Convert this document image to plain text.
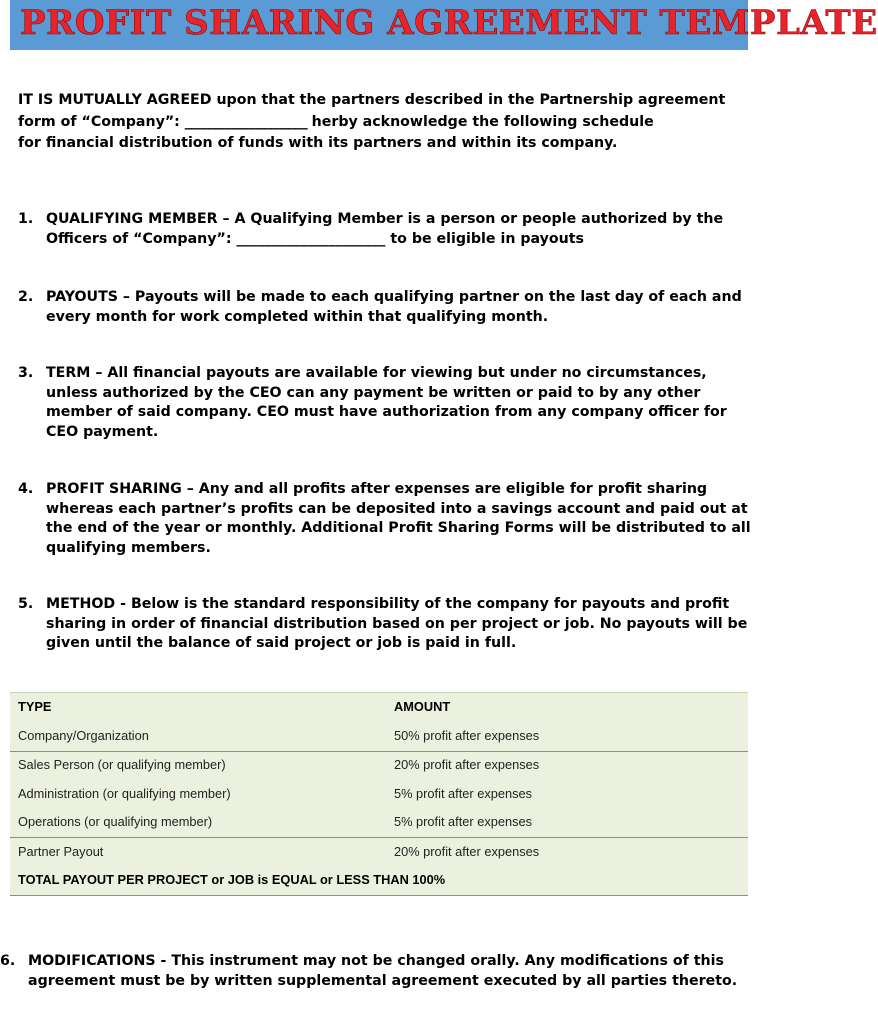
PROFIT SHARING AGREEMENT TEMPLATE
IT IS MUTUALLY AGREED upon that the partners described in the Partnership agreement
form of “Company”: ____________________ herby acknowledge the following schedule
for financial distribution of funds with its partners and within its company.
1. QUALIFYING MEMBER – A Qualifying Member is a person or people authorized by the
Officers of “Company”: _____________________ to be eligible in payouts
2. PAYOUTS – Payouts will be made to each qualifying partner on the last day of each and
every month for work completed within that qualifying month.
3. TERM – All financial payouts are available for viewing but under no circumstances,
unless authorized by the CEO can any payment be written or paid to by any other
member of said company. CEO must have authorization from any company officer for
CEO payment.
4. PROFIT SHARING – Any and all profits after expenses are eligible for profit sharing
whereas each partner’s profits can be deposited into a savings account and paid out at
the end of the year or monthly. Additional Profit Sharing Forms will be distributed to all
qualifying members.
5. METHOD - Below is the standard responsibility of the company for payouts and profit
sharing in order of financial distribution based on per project or job. No payouts will be
given until the balance of said project or job is paid in full.
TYPE	AMOUNT
Company/Organization	50% profit after expenses
Sales Person (or qualifying member)	20% profit after expenses
Administration (or qualifying member)	5% profit after expenses
Operations (or qualifying member)	5% profit after expenses
Partner Payout	20% profit after expenses
TOTAL PAYOUT PER PROJECT or JOB is EQUAL or LESS THAN 100%
6. MODIFICATIONS - This instrument may not be changed orally. Any modifications of this
agreement must be by written supplemental agreement executed by all parties thereto.
